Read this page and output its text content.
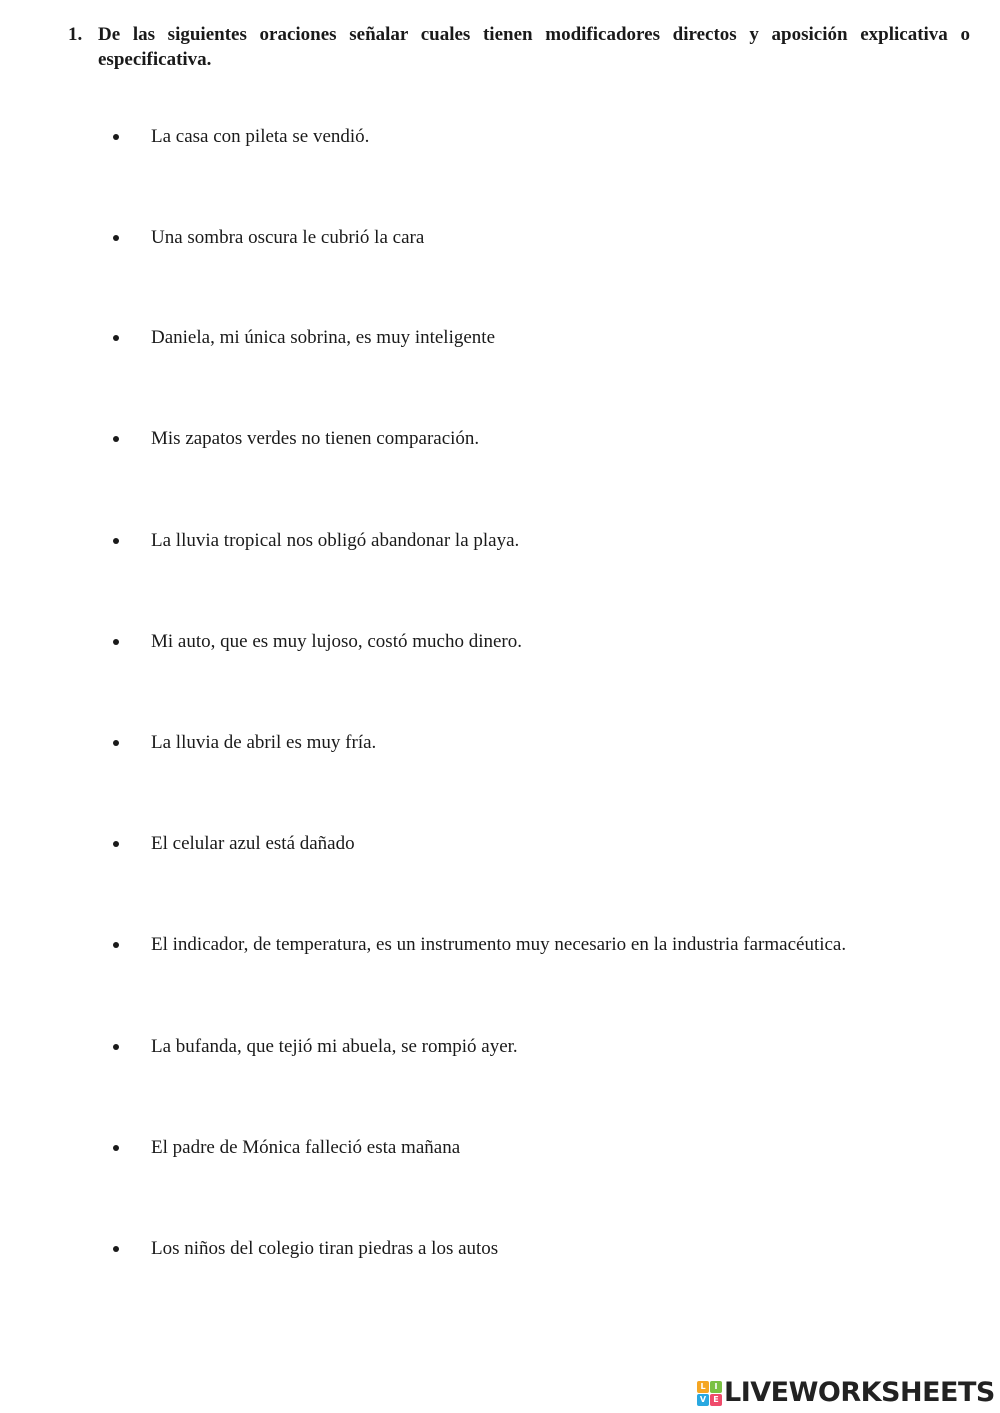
1. De las siguientes oraciones señalar cuales tienen modificadores directos y aposición explicativa o especificativa.
La casa con pileta se vendió.
Una sombra oscura le cubrió la cara
Daniela, mi única sobrina, es muy inteligente
Mis zapatos verdes no tienen comparación.
La lluvia tropical nos obligó abandonar la playa.
Mi auto, que es muy lujoso, costó mucho dinero.
La lluvia de abril es muy fría.
El celular azul está dañado
El indicador, de temperatura, es un instrumento muy necesario en la industria farmacéutica.
La bufanda, que tejió mi abuela, se rompió ayer.
El padre de Mónica falleció esta mañana
Los niños del colegio tiran piedras a los autos
L	I
V E LIVEWORKSHEETS
